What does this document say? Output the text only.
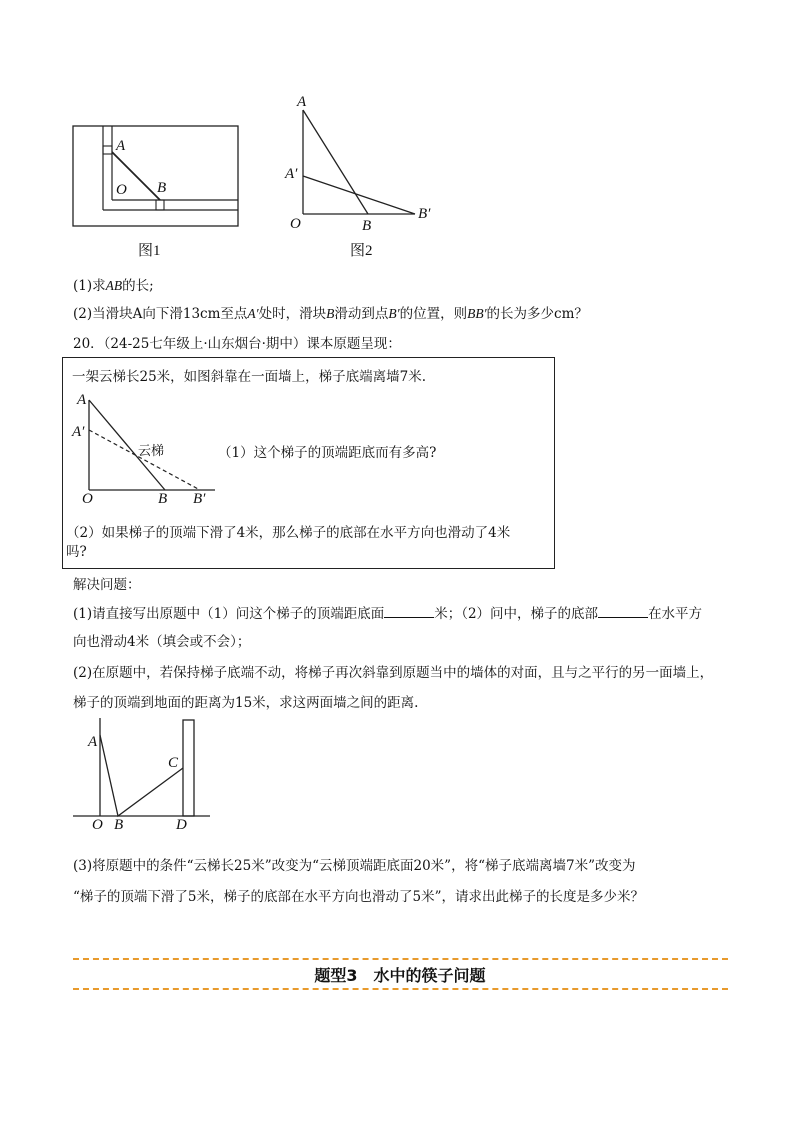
A
O B
图1
A
A′
O	B
B′
图2
(1)求AB的长;
(2)当滑块A向下滑13cm至点A′处时，滑块B滑动到点B′的位置，则BB′的长为多少cm？
20．（24-25七年级上·山东烟台·期中）课本原题呈现：
一架云梯长25米，如图斜靠在一面墙上，梯子底端离墙7米.
A
A′
云梯
O	B B′
（1）这个梯子的顶端距底而有多高?
（2）如果梯子的顶端下滑了4米，那么梯子的底部在水平方向也滑动了4米
吗?
解决问题：
(1)请直接写出原题中（1）问这个梯子的顶端距底面	米；（2）问中，梯子的底部	在水平方
向也滑动4米（填会或不会）；
(2)在原题中，若保持梯子底端不动，将梯子再次斜靠到原题当中的墙体的对面，且与之平行的另一面墙上，
梯子的顶端到地面的距离为15米，求这两面墙之间的距离.
A
C
O B	D
(3)将原题中的条件“云梯长25米”改变为“云梯顶端距底面20米”，将“梯子底端离墙7米”改变为
“梯子的顶端下滑了5米，梯子的底部在水平方向也滑动了5米”，请求出此梯子的长度是多少米？
题型3　水中的筷子问题
